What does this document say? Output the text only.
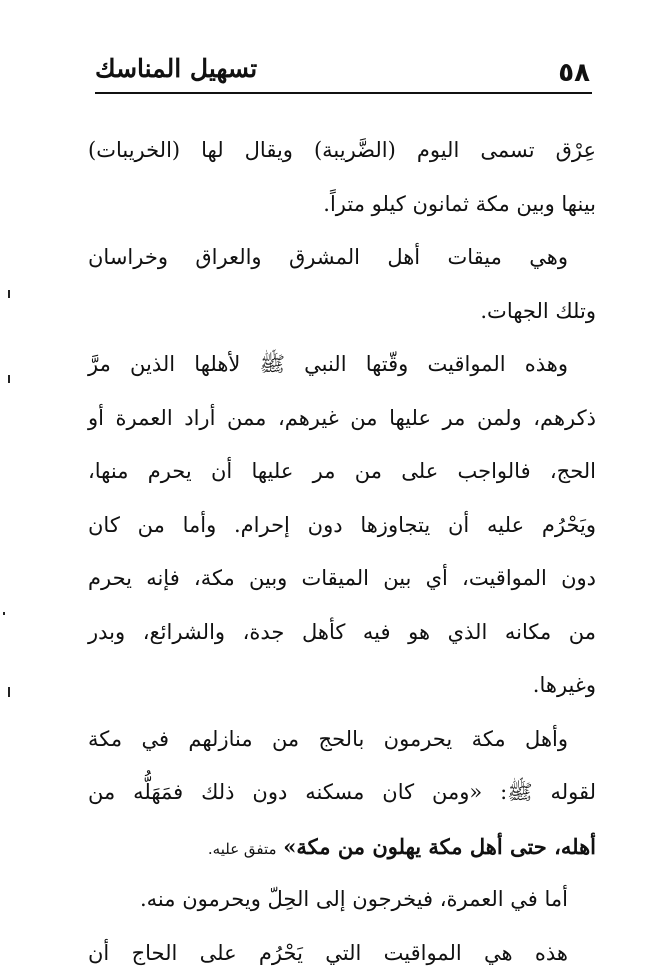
٥٨
تسهيل المناسك
عِرْق تسمى اليوم (الضَّريبة) ويقال لها (الخريبات)
بينها وبين مكة ثمانون كيلو متراً.
وهي ميقات أهل المشرق والعراق وخراسان
وتلك الجهات.
وهذه المواقيت وقّتها النبي ﷺ لأهلها الذين مرَّ
ذكرهم، ولمن مر عليها من غيرهم، ممن أراد العمرة أو
الحج، فالواجب على من مر عليها أن يحرم منها،
ويَحْرُم عليه أن يتجاوزها دون إحرام. وأما من كان
دون المواقيت، أي بين الميقات وبين مكة، فإنه يحرم
من مكانه الذي هو فيه كأهل جدة، والشرائع، وبدر
وغيرها.
وأهل مكة يحرمون بالحج من منازلهم في مكة
لقوله ﷺ: «ومن كان مسكنه دون ذلك فمَهَلُّه من
أهله، حتى أهل مكة يهلون من مكة» متفق عليه.
أما في العمرة، فيخرجون إلى الحِلّ ويحرمون منه.
هذه هي المواقيت التي يَحْرُم على الحاج أن
